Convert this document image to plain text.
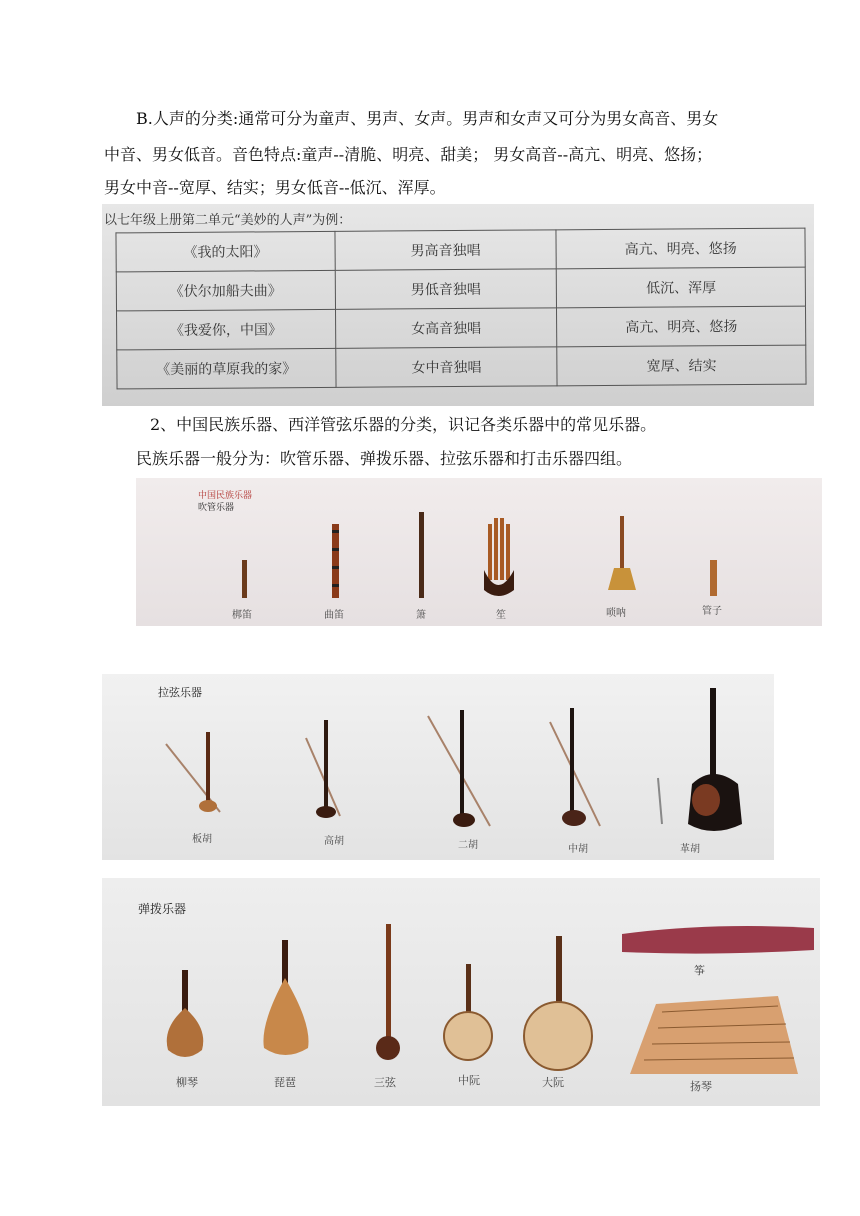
B.人声的分类:通常可分为童声、男声、女声。男声和女声又可分为男女高音、男女
中音、男女低音。音色特点:童声--清脆、明亮、甜美； 男女高音--高亢、明亮、悠扬；
男女中音--宽厚、结实；男女低音--低沉、浑厚。
以七年级上册第二单元“美妙的人声”为例：
《我的太阳》	男高音独唱	高亢、明亮、悠扬
《伏尔加船夫曲》	男低音独唱	低沉、浑厚
《我爱你，中国》	女高音独唱	高亢、明亮、悠扬
《美丽的草原我的家》	女中音独唱	宽厚、结实
2、中国民族乐器、西洋管弦乐器的分类，识记各类乐器中的常见乐器。
民族乐器一般分为：吹管乐器、弹拨乐器、拉弦乐器和打击乐器四组。
中国民族乐器
吹管乐器
梆笛	曲笛	箫	笙	唢呐	管子
拉弦乐器
板胡	高胡	二胡	中胡	革胡
弹拨乐器
柳琴	琵琶	三弦	中阮	大阮
筝
扬琴
